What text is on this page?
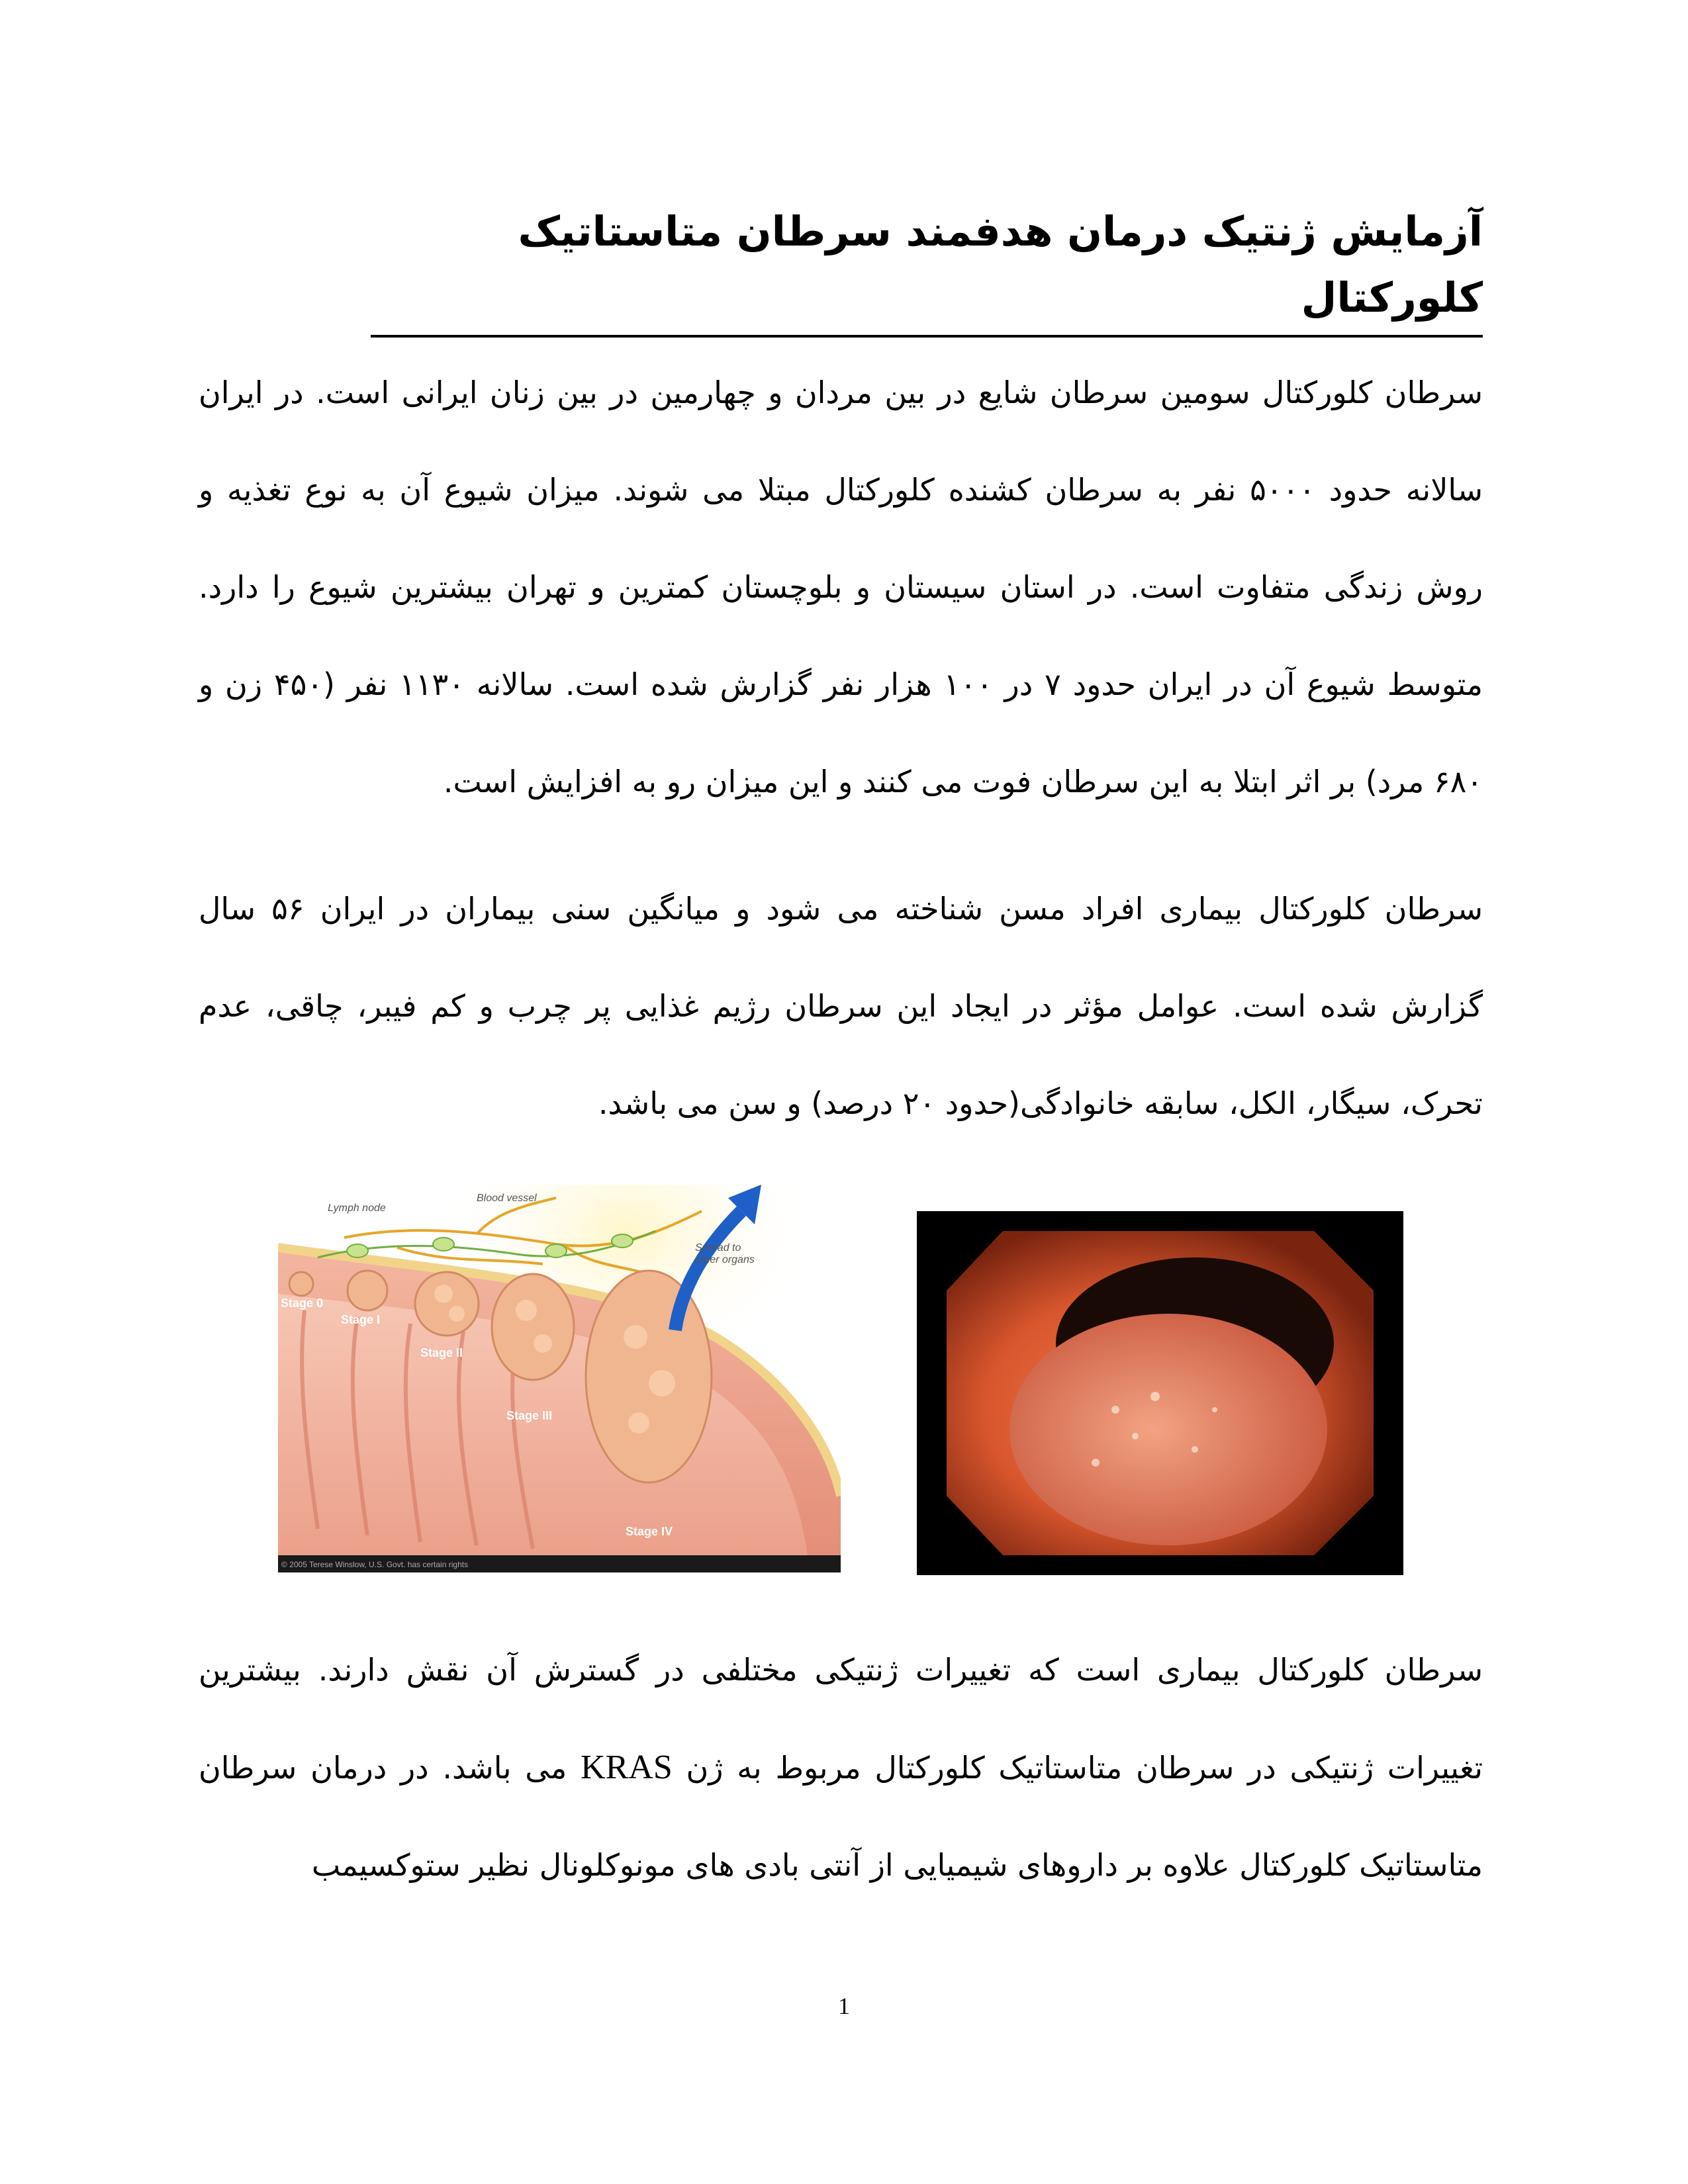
آزمایش ژنتیک درمان هدفمند سرطان متاستاتیک کلورکتال

سرطان کلورکتال سومین سرطان شایع در بین مردان و چهارمین در بین زنان ایرانی است. در ایران سالانه حدود ۵۰۰۰ نفر به سرطان کشنده کلورکتال مبتلا می شوند. میزان شیوع آن به نوع تغذیه و روش زندگی متفاوت است. در استان سیستان و بلوچستان کمترین و تهران بیشترین شیوع را دارد. متوسط شیوع آن در ایران حدود ۷ در ۱۰۰ هزار نفر گزارش شده است. سالانه ۱۱۳۰ نفر (۴۵۰ زن و ۶۸۰ مرد) بر اثر ابتلا به این سرطان فوت می کنند و این میزان رو به افزایش است.

سرطان کلورکتال بیماری افراد مسن شناخته می شود و میانگین سنی بیماران در ایران ۵۶ سال گزارش شده است. عوامل مؤثر در ایجاد این سرطان رژیم غذایی پر چرب و کم فیبر، چاقی، عدم تحرک، سیگار، الکل، سابقه خانوادگی(حدود ۲۰ درصد) و سن می باشد.

Lymph node
Blood vessel
Spread to
other organs
Stage 0
Stage I
Stage II
Stage III
Stage IV
© 2005 Terese Winslow, U.S. Govt. has certain rights

سرطان کلورکتال بیماری است که تغییرات ژنتیکی مختلفی در گسترش آن نقش دارند. بیشترین تغییرات ژنتیکی در سرطان متاستاتیک کلورکتال مربوط به ژن KRAS می باشد. در درمان سرطان متاستاتیک کلورکتال علاوه بر داروهای شیمیایی از آنتی بادی های مونوکلونال نظیر ستوکسیمب

1
